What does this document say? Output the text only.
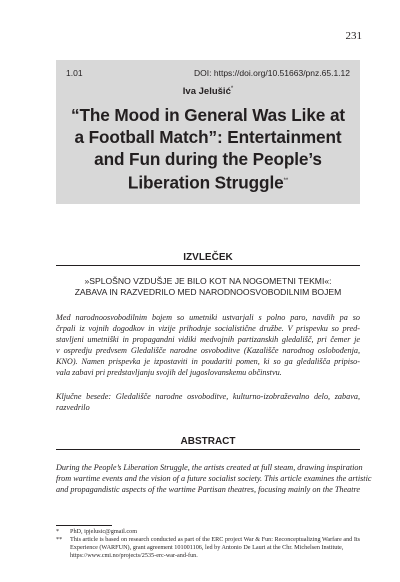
231
1.01	DOI: https://doi.org/10.51663/pnz.65.1.12
Iva Jelušić*
“The Mood in General Was Like at
a Football Match”: Entertainment
and Fun during the People’s
Liberation Struggle**
IZVLEČEK
»SPLOŠNO VZDUŠJE JE BILO KOT NA NOGOMETNI TEKMI«:
ZABAVA IN RAZVEDRILO MED NARODNOOSVOBODILNIM BOJEM
Med narodnoosvobodilnim bojem so umetniki ustvarjali s polno paro, navdih pa so
črpali iz vojnih dogodkov in vizije prihodnje socialistične družbe. V prispevku so pred-
stavljeni umetniški in propagandni vidiki medvojnih partizanskih gledališč, pri čemer je
v ospredju predvsem Gledališče narodne osvoboditve (Kazališče narodnog oslobođenja,
KNO). Namen prispevka je izpostaviti in poudariti pomen, ki so ga gledališča pripiso-
vala zabavi pri predstavljanju svojih del jugoslovanskemu občinstvu.
Ključne besede: Gledališče narodne osvoboditve, kulturno-izobraževalno delo, zabava,
razvedrilo
ABSTRACT
During the People’s Liberation Struggle, the artists created at full steam, drawing inspiration
from wartime events and the vision of a future socialist society. This article examines the artistic
and propagandistic aspects of the wartime Partisan theatres, focusing mainly on the Theatre
*	PhD, ipjelusic@gmail.com
**	This article is based on research conducted as part of the ERC project War & Fun: Reconceptualizing Warfare and Its Experience (WARFUN), grant agreement 101001106, led by Antonio De Lauri at the Chr. Michelsen Institute, https://www.cmi.no/projects/2535-erc-war-and-fun.
